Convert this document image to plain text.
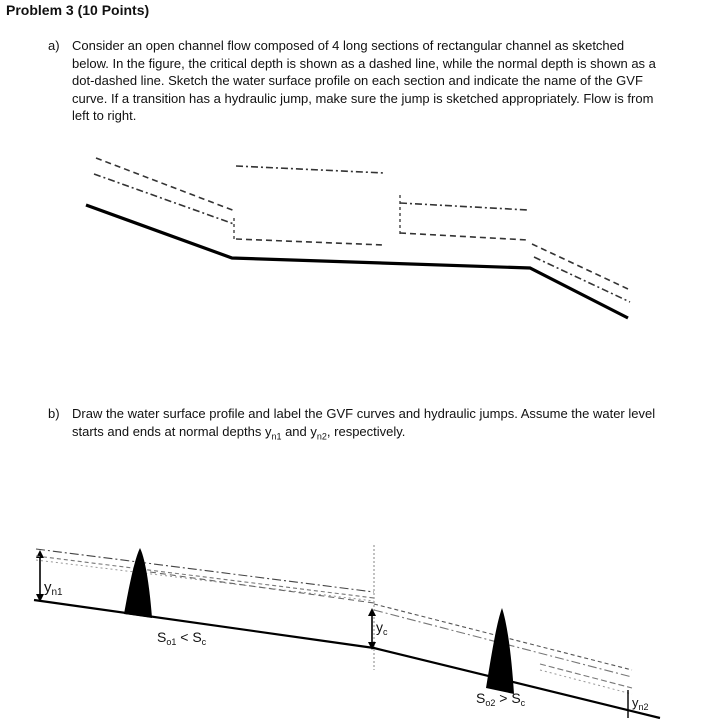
Problem 3 (10 Points)
a) Consider an open channel flow composed of 4 long sections of rectangular channel as sketched below. In the figure, the critical depth is shown as a dashed line, while the normal depth is shown as a dot-dashed line. Sketch the water surface profile on each section and indicate the name of the GVF curve. If a transition has a hydraulic jump, make sure the jump is sketched appropriately. Flow is from left to right.
b) Draw the water surface profile and label the GVF curves and hydraulic jumps. Assume the water level starts and ends at normal depths $y_{n1}$ and $y_{n2}$, respectively.
$y_{n1}$
$S_{o1} < S_c$
$y_c$
$S_{o2} > S_c$	$y_{n2}$
